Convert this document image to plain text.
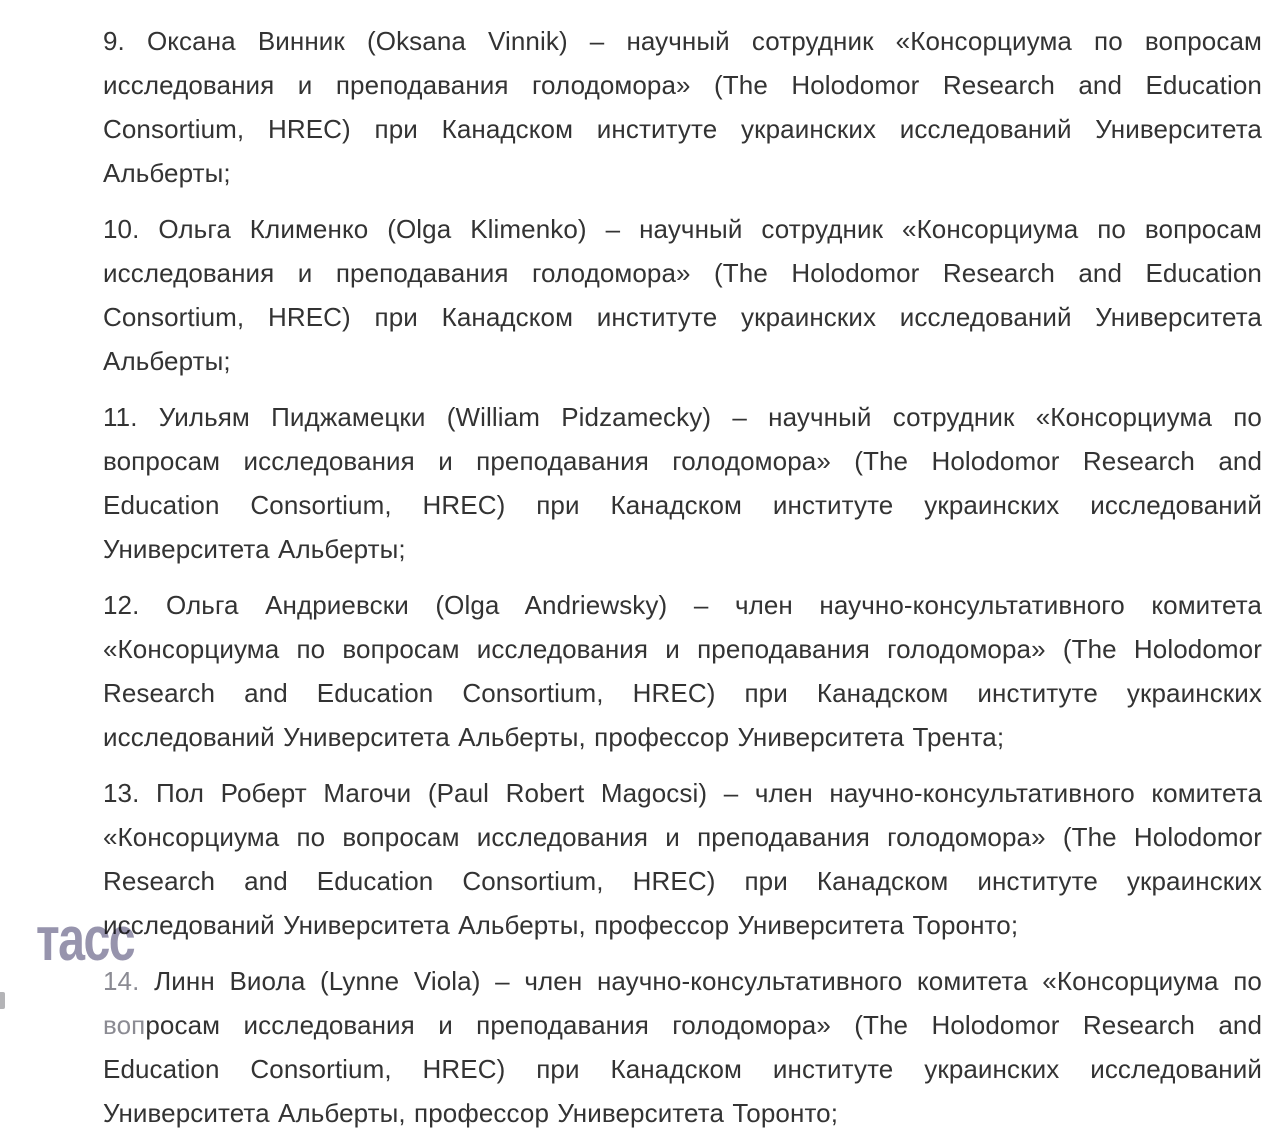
9. Оксана Винник (Oksana Vinnik) – научный сотрудник «Консорциума по вопросам исследования и преподавания голодомора» (The Holodomor Research and Education Consortium, HREC) при Канадском институте украинских исследований Университета Альберты;

10. Ольга Клименко (Olga Klimenko) – научный сотрудник «Консорциума по вопросам исследования и преподавания голодомора» (The Holodomor Research and Education Consortium, HREC) при Канадском институте украинских исследований Университета Альберты;

11. Уильям Пиджамецки (William Pidzamecky) – научный сотрудник «Консорциума по вопросам исследования и преподавания голодомора» (The Holodomor Research and Education Consortium, HREC) при Канадском институте украинских исследований Университета Альберты;

12. Ольга Андриевски (Olga Andriewsky) – член научно-консультативного комитета «Консорциума по вопросам исследования и преподавания голодомора» (The Holodomor Research and Education Consortium, HREC) при Канадском институте украинских исследований Университета Альберты, профессор Университета Трента;

13. Пол Роберт Магочи (Paul Robert Magocsi) – член научно-консультативного комитета «Консорциума по вопросам исследования и преподавания голодомора» (The Holodomor Research and Education Consortium, HREC) при Канадском институте украинских исследований Университета Альберты, профессор Университета Торонто;

14. Линн Виола (Lynne Viola) – член научно-консультативного комитета «Консорциума по вопросам исследования и преподавания голодомора» (The Holodomor Research and Education Consortium, HREC) при Канадском институте украинских исследований Университета Альберты, профессор Университета Торонто;

тасс
